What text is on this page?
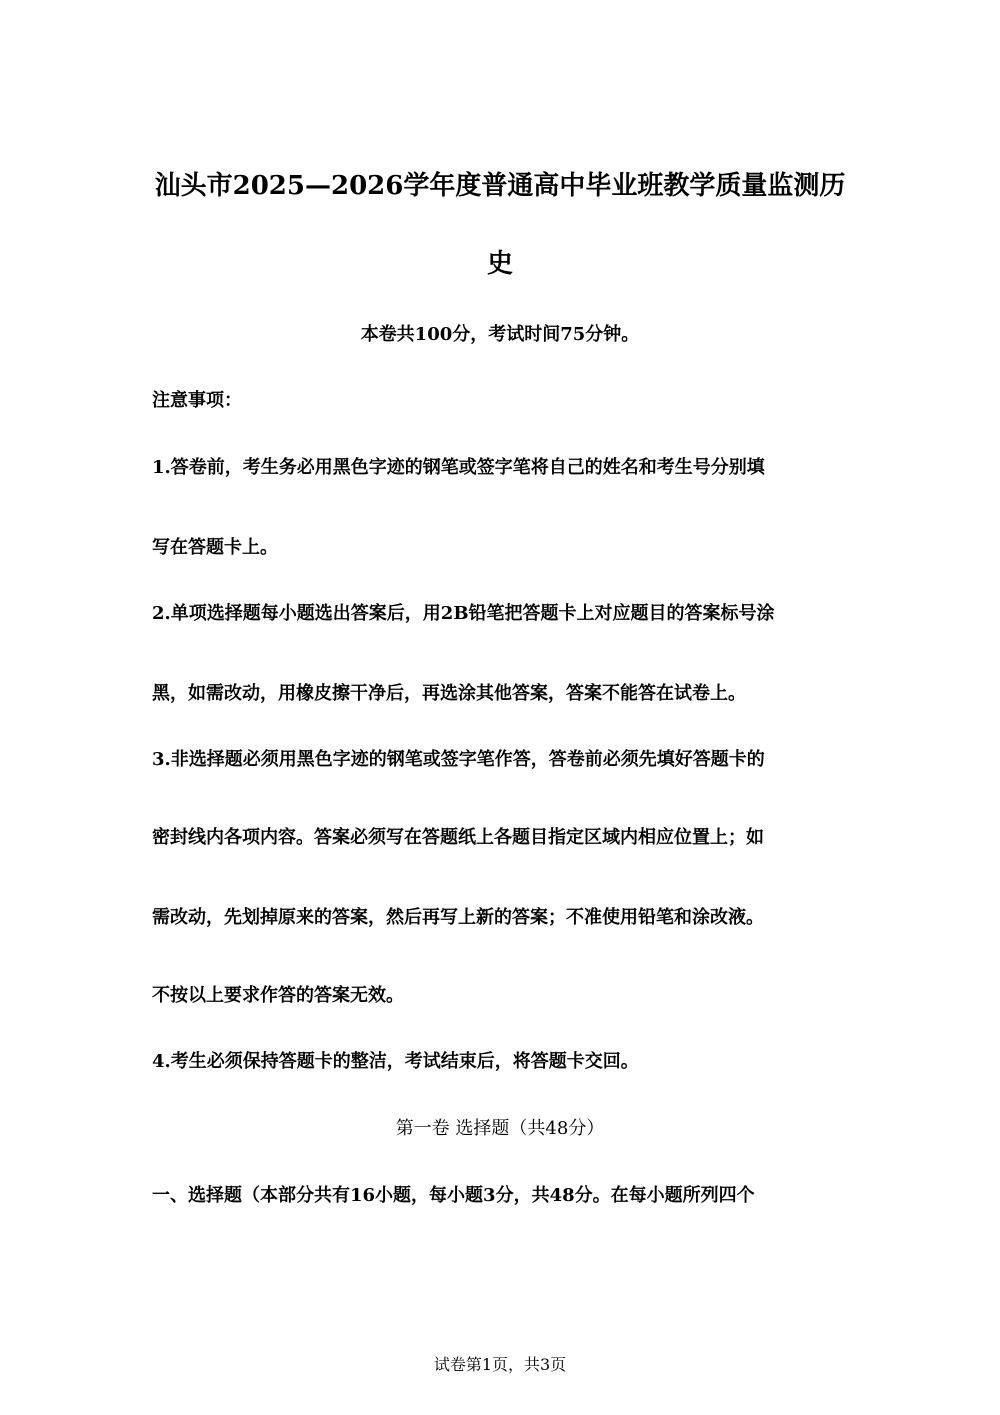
汕头市2025—2026学年度普通高中毕业班教学质量监测历
史
本卷共100分，考试时间75分钟。
注意事项：
1.答卷前，考生务必用黑色字迹的钢笔或签字笔将自己的姓名和考生号分别填
写在答题卡上。
2.单项选择题每小题选出答案后，用2B铅笔把答题卡上对应题目的答案标号涂
黑，如需改动，用橡皮擦干净后，再选涂其他答案，答案不能答在试卷上。
3.非选择题必须用黑色字迹的钢笔或签字笔作答，答卷前必须先填好答题卡的
密封线内各项内容。答案必须写在答题纸上各题目指定区域内相应位置上；如
需改动，先划掉原来的答案，然后再写上新的答案；不准使用铅笔和涂改液。
不按以上要求作答的答案无效。
4.考生必须保持答题卡的整洁，考试结束后，将答题卡交回。
第一卷 选择题（共48分）
一、选择题（本部分共有16小题，每小题3分，共48分。在每小题所列四个
试卷第1页，共3页
